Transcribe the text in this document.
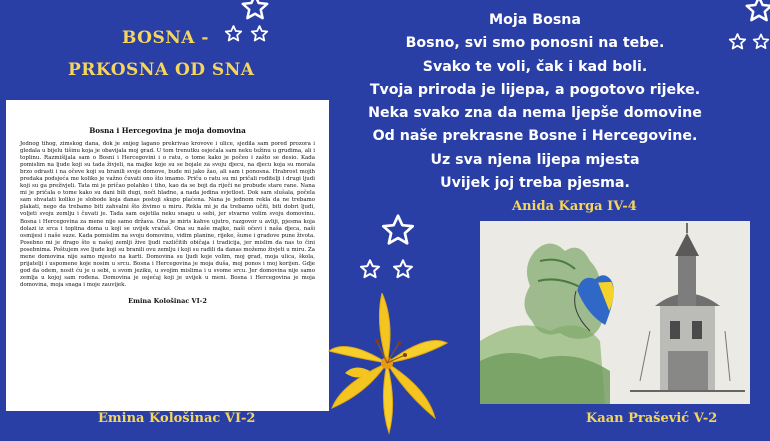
BOSNA -
PRKOSNA OD SNA
Bosna i Hercegovina je moja domovina

Jednog tihog, zimskog dana, dok je snijeg lagano prekrivao krovove i ulice, sjedila sam pored prozora i gledala u bijelu tišinu koja je obavijala moj grad. U tom trenutku osjećala sam neku težinu u grudima, ali i toplinu. Razmišljala sam o Bosni i Hercegovini i o ratu, o tome kako je počeo i zašto se desio. Kada pomislim na ljude koji su tada živjeli, na majke koje su se bojale za svoju djecu, na djecu koja su morala brzo odrasti i na očeve koji su branili svoje domove, bude mi jako žao, ali sam i ponosna. Hrabrost mojih predaka podsjeća me koliko je važno čuvati ono što imamo. Priču o ratu su mi pričali roditelji i drugi ljudi koji su ga preživjeli. Tata mi je pričao polahko i tiho, kao da se boji da riječi ne probude stare rane. Nana mi je pričala o tome kako su dani bili dugi, noći hladne, a nada jedina svjetlost. Dok sam slušala, počela sam shvatati koliko je slobode koja danas postoji skupo plaćena. Nana je jednom rekla da ne trebamo plakati, nego da trebamo biti zahvalni što živimo u miru. Rekla mi je da trebamo učiti, biti dobri ljudi, voljeti svoju zemlju i čuvati je. Tada sam osjetila neku snagu u sebi, jer stvarno volim svoju domovinu. Bosna i Hercegovina za mene nije samo država. Ona je miris kahve ujutro, razgovor u avliji, pjesma koja dolazi iz srca i toplina doma u koji se uvijek vraćaš. Ona su naše majke, naši očevi i naša djeca, naši osmijesi i naše suze. Kada pomislim na svoju domovinu, vidim planine, rijeke, šume i gradove pune života. Posebno mi je drago što u našoj zemlji žive ljudi različitih običaja i tradicija, jer mislim da nas to čini posebnima. Poštujem sve ljude koji su branili ovu zemlju i koji su radili da danas možemo živjeti u miru. Za mene domovina nije samo mjesto na karti. Domovina su ljudi koje volim, moj grad, moja ulica, škola, prijatelji i uspomene koje nosim u srcu. Bosna i Hercegovina je moja duša, moj ponos i moj korijen. Gdje god da odem, nosit ću je u sebi, u svom jeziku, u svojim mislima i u svome srcu. Jer domovina nije samo zemlja u kojoj sam rođena. Domovina je osjećaj koji je uvijek u meni. Bosna i Hercegovina je moja domovina, moja snaga i moje zauvijek.

Emina Kološinac VI-2
Emina Kološinac VI-2
Moja Bosna
Bosno, svi smo ponosni na tebe.
Svako te voli, čak i kad boli.
Tvoja priroda je lijepa, a pogotovo rijeke.
Neka svako zna da nema ljepše domovine
Od naše prekrasne Bosne i Hercegovine.
Uz sva njena lijepa mjesta
Uvijek joj treba pjesma.
Anida Karga IV-4
Kaan Prašević V-2
